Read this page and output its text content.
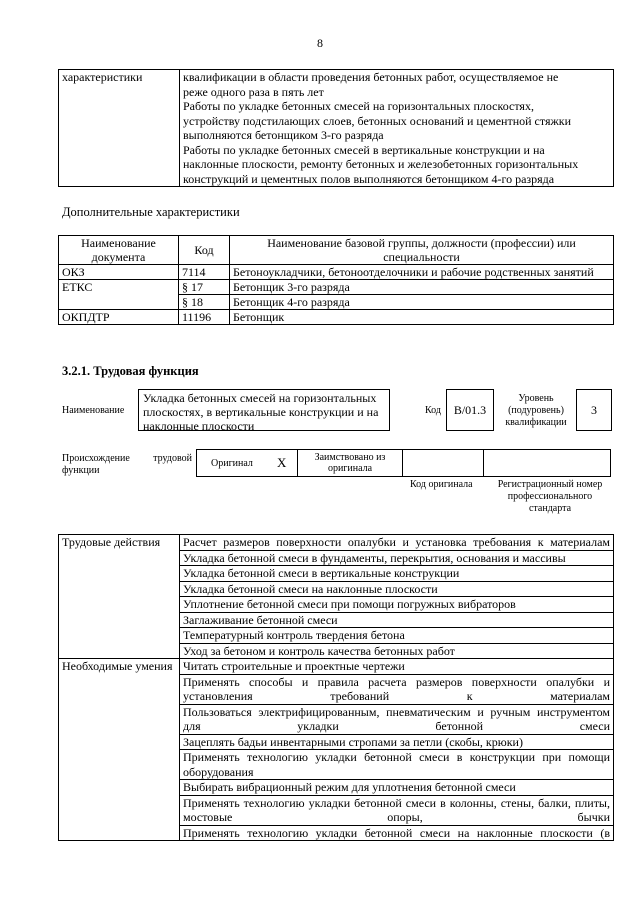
8
характеристики	квалификации в области проведения бетонных работ, осуществляемое не
реже одного раза в пять лет
Работы по укладке бетонных смесей на горизонтальных плоскостях,
устройству подстилающих слоев, бетонных оснований и цементной стяжки
выполняются бетонщиком 3-го разряда
Работы по укладке бетонных смесей в вертикальные конструкции и на
наклонные плоскости, ремонту бетонных и железобетонных горизонтальных
конструкций и цементных полов выполняются бетонщиком 4-го разряда
Дополнительные характеристики
Наименование документа	Код	Наименование базовой группы, должности (профессии) или специальности
ОКЗ	7114	Бетоноукладчики, бетоноотделочники и рабочие родственных занятий
ЕТКС	§ 17	Бетонщик 3-го разряда
	§ 18	Бетонщик 4-го разряда
ОКПДТР	11196	Бетонщик
3.2.1. Трудовая функция
Наименование
Укладка бетонных смесей на горизонтальных плоскостях, в вертикальные конструкции и на наклонные плоскости
Код	B/01.3
Уровень (подуровень) квалификации
3
Происхождение трудовой функции
Оригинал X	Заимствовано из оригинала
Код оригинала	Регистрационный номер профессионального стандарта
Трудовые действия	Расчет размеров поверхности опалубки и установка требования к материалам
	Укладка бетонной смеси в фундаменты, перекрытия, основания и массивы
	Укладка бетонной смеси в вертикальные конструкции
	Укладка бетонной смеси на наклонные плоскости
	Уплотнение бетонной смеси при помощи погружных вибраторов
	Заглаживание бетонной смеси
	Температурный контроль твердения бетона
	Уход за бетоном и контроль качества бетонных работ
Необходимые умения	Читать строительные и проектные чертежи
	Применять способы и правила расчета размеров поверхности опалубки и установления требований к материалам
	Пользоваться электрифицированным, пневматическим и ручным инструментом для укладки бетонной смеси
	Зацеплять бадьи инвентарными стропами за петли (скобы, крюки)
	Применять технологию укладки бетонной смеси в конструкции при помощи оборудования
	Выбирать вибрационный режим для уплотнения бетонной смеси
	Применять технологию укладки бетонной смеси в колонны, стены, балки, плиты, мостовые опоры, бычки
	Применять технологию укладки бетонной смеси на наклонные плоскости (в
